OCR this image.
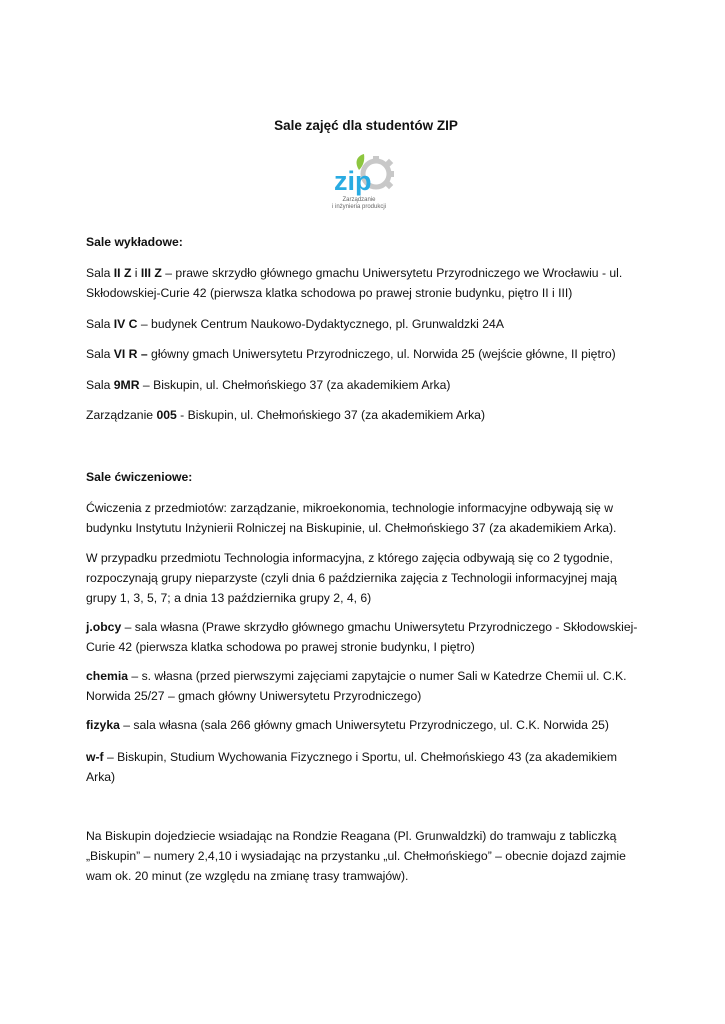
Sale zajęć dla studentów ZIP
zip
Zarządzanie
i inżynieria produkcji
Sale wykładowe:
Sala II Z i III Z – prawe skrzydło głównego gmachu Uniwersytetu Przyrodniczego we Wrocławiu - ul.
Skłodowskiej-Curie 42 (pierwsza klatka schodowa po prawej stronie budynku, piętro II i III)
Sala IV C – budynek Centrum Naukowo-Dydaktycznego, pl. Grunwaldzki 24A
Sala VI R – główny gmach Uniwersytetu Przyrodniczego, ul. Norwida 25 (wejście główne, II piętro)
Sala 9MR – Biskupin, ul. Chełmońskiego 37 (za akademikiem Arka)
Zarządzanie 005 - Biskupin, ul. Chełmońskiego 37 (za akademikiem Arka)
Sale ćwiczeniowe:
Ćwiczenia z przedmiotów: zarządzanie, mikroekonomia, technologie informacyjne odbywają się w
budynku Instytutu Inżynierii Rolniczej na Biskupinie, ul. Chełmońskiego 37 (za akademikiem Arka).
W przypadku przedmiotu Technologia informacyjna, z którego zajęcia odbywają się co 2 tygodnie,
rozpoczynają grupy nieparzyste (czyli dnia 6 października zajęcia z Technologii informacyjnej mają
grupy 1, 3, 5, 7; a dnia 13 października grupy 2, 4, 6)
j.obcy – sala własna (Prawe skrzydło głównego gmachu Uniwersytetu Przyrodniczego - Skłodowskiej-
Curie 42 (pierwsza klatka schodowa po prawej stronie budynku, I piętro)
chemia – s. własna (przed pierwszymi zajęciami zapytajcie o numer Sali w Katedrze Chemii ul. C.K.
Norwida 25/27 – gmach główny Uniwersytetu Przyrodniczego)
fizyka – sala własna (sala 266 główny gmach Uniwersytetu Przyrodniczego, ul. C.K. Norwida 25)
w-f – Biskupin, Studium Wychowania Fizycznego i Sportu, ul. Chełmońskiego 43 (za akademikiem
Arka)
Na Biskupin dojedziecie wsiadając na Rondzie Reagana (Pl. Grunwaldzki) do tramwaju z tabliczką
„Biskupin” – numery 2,4,10 i wysiadając na przystanku „ul. Chełmońskiego” – obecnie dojazd zajmie
wam ok. 20 minut (ze względu na zmianę trasy tramwajów).
